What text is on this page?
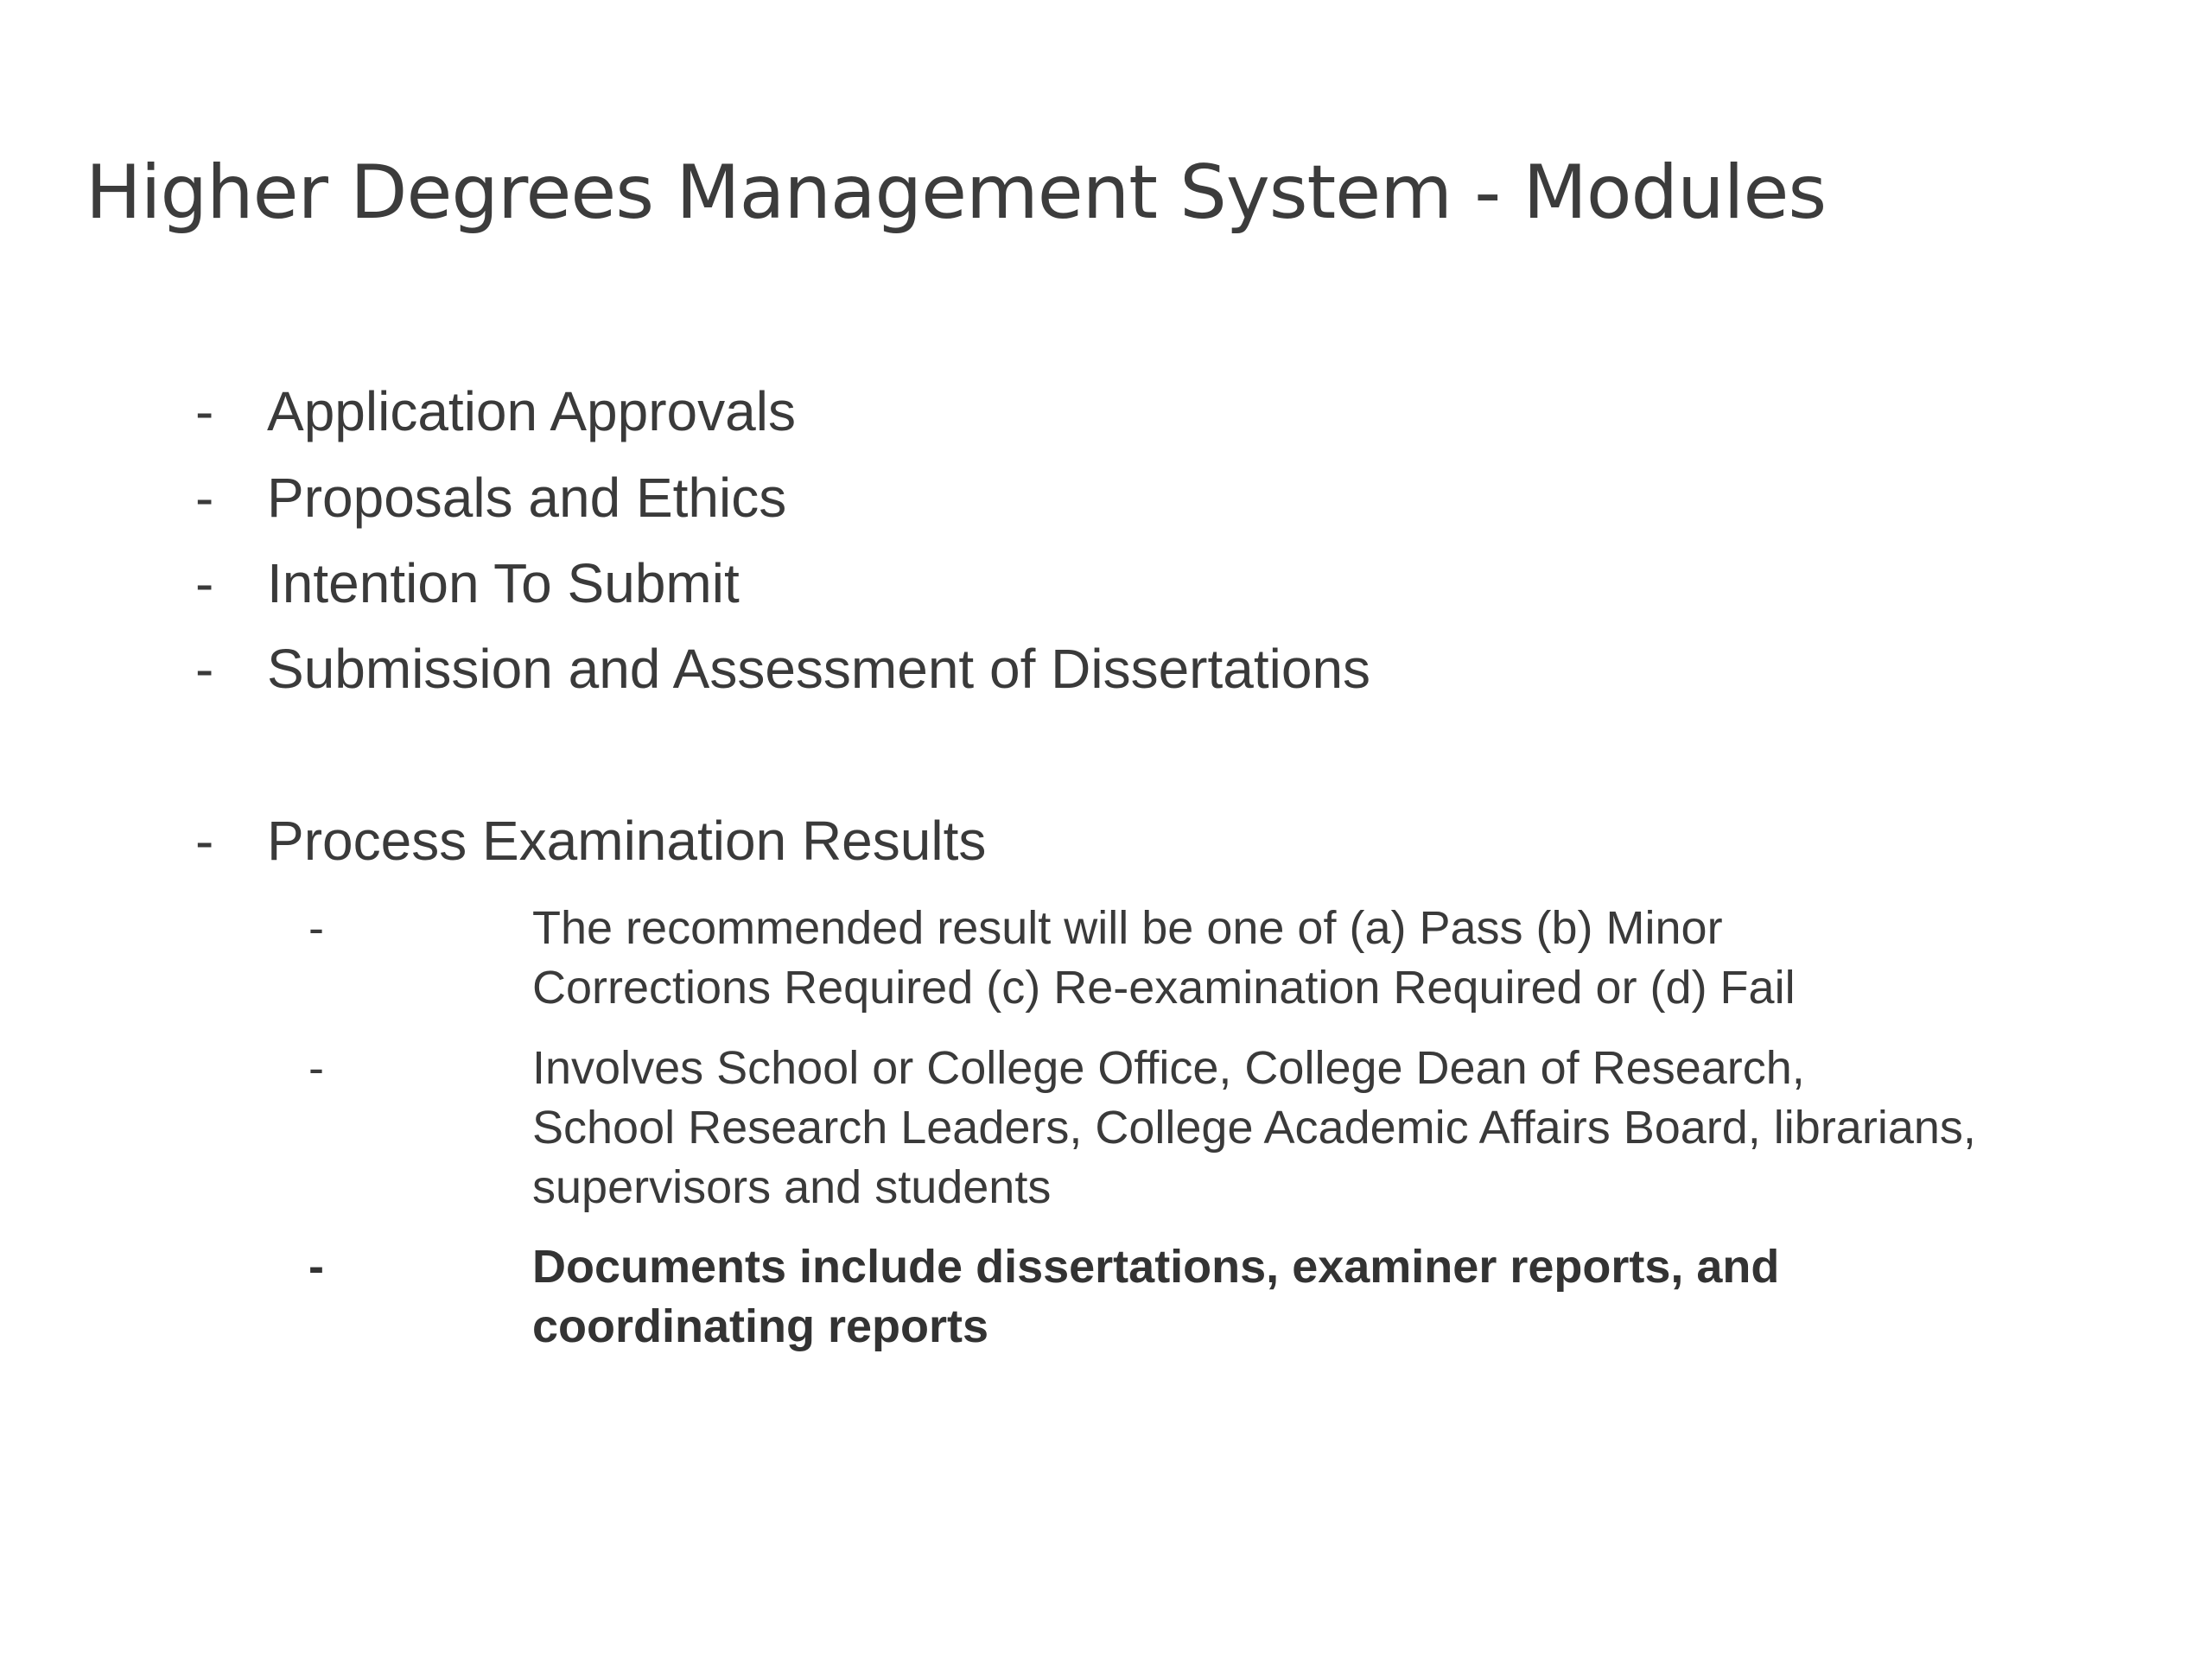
Higher Degrees Management System - Modules
- Application Approvals
- Proposals and Ethics
- Intention To Submit
- Submission and Assessment of Dissertations
- Process Examination Results
-	The recommended result will be one of (a) Pass (b) Minor
Corrections Required (c) Re-examination Required or (d) Fail
-	Involves School or College Office, College Dean of Research,
School Research Leaders, College Academic Affairs Board, librarians,
supervisors and students
-	Documents include dissertations, examiner reports, and
coordinating reports
